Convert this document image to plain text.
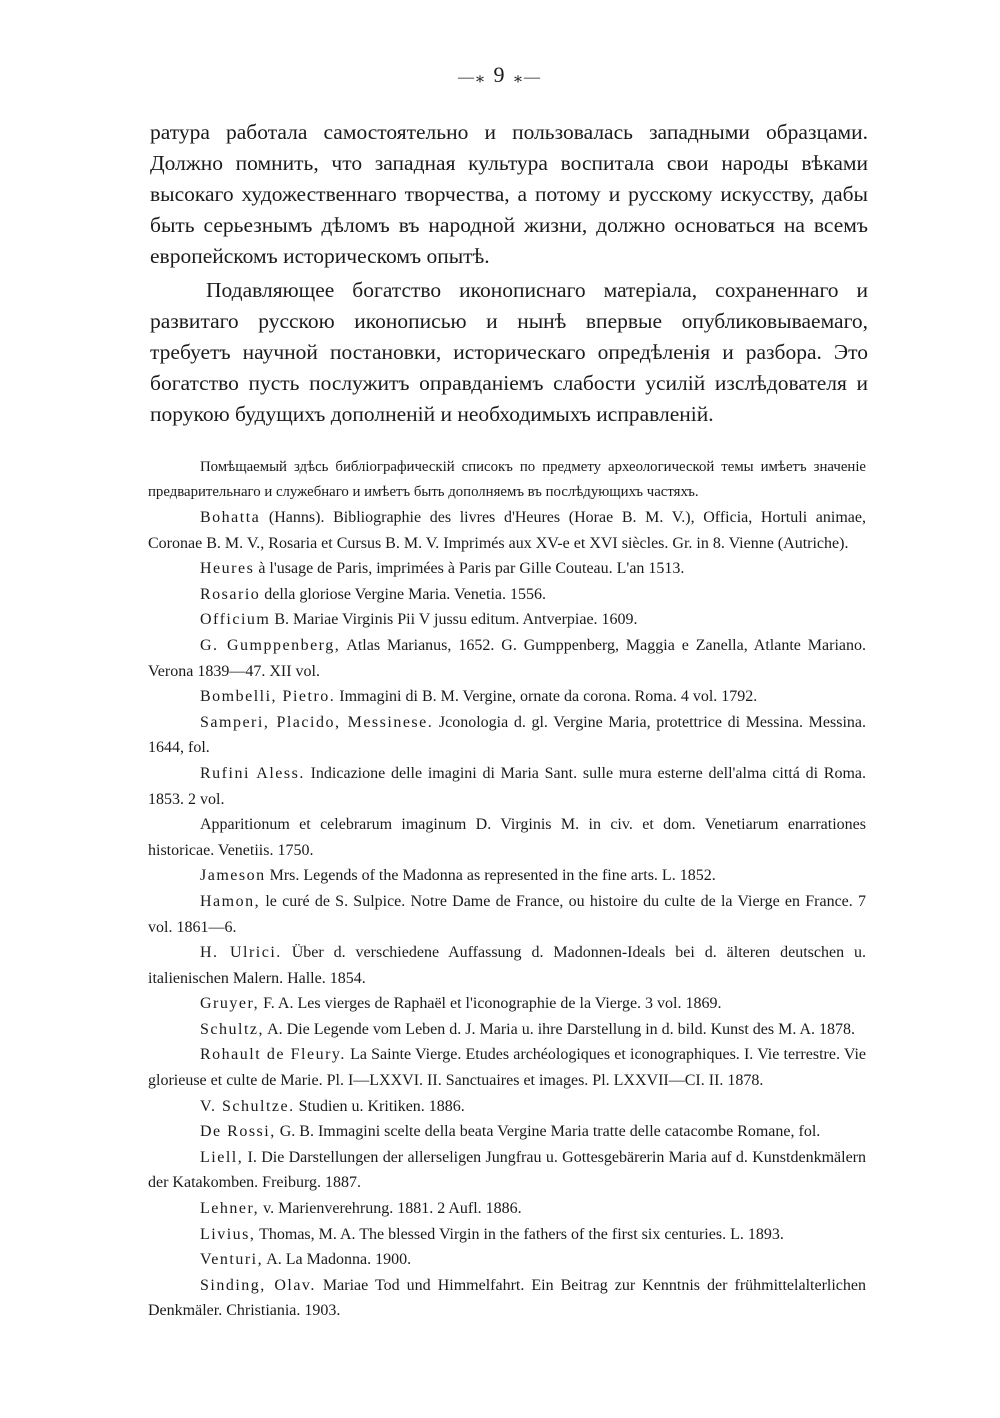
—⁎ 9 ⁎—

ратура работала самостоятельно и пользовалась западными образцами. Должно помнить, что западная культура воспитала свои народы вѣками высокаго художественнаго творчества, а потому и русскому искусству, дабы быть серьезнымъ дѣломъ въ народной жизни, должно основаться на всемъ европейскомъ историческомъ опытѣ.

Подавляющее богатство иконописнаго матеріала, сохраненнаго и развитаго русскою иконописью и нынѣ впервые опубликовываемаго, требуетъ научной постановки, историческаго опредѣленія и разбора. Это богатство пусть послужитъ оправданіемъ слабости усилій изслѣдователя и порукою будущихъ дополненій и необходимыхъ исправленій.

Помѣщаемый здѣсь библіографическій списокъ по предмету археологической темы имѣетъ значеніе предварительнаго и служебнаго и имѣетъ быть дополняемъ въ послѣдующихъ частяхъ.

Bohatta (Hanns). Bibliographie des livres d'Heures (Horae B. M. V.), Officia, Hortuli animae, Coronae B. M. V., Rosaria et Cursus B. M. V. Imprimés aux XV-e et XVI siècles. Gr. in 8. Vienne (Autriche).

Heures à l'usage de Paris, imprimées à Paris par Gille Couteau. L'an 1513.

Rosario della gloriose Vergine Maria. Venetia. 1556.

Officium B. Mariae Virginis Pii V jussu editum. Antverpiae. 1609.

G. Gumppenberg, Atlas Marianus, 1652. G. Gumppenberg, Maggia e Zanella, Atlante Mariano. Verona 1839—47. XII vol.

Bombelli, Pietro. Immagini di B. M. Vergine, ornate da corona. Roma. 4 vol. 1792.

Samperi, Placido, Messinese. Jconologia d. gl. Vergine Maria, protettrice di Messina. Messina. 1644, fol.

Rufini Aless. Indicazione delle imagini di Maria Sant. sulle mura esterne dell'alma cittá di Roma. 1853. 2 vol.

Apparitionum et celebrarum imaginum D. Virginis M. in civ. et dom. Venetiarum enarrationes historicae. Venetiis. 1750.

Jameson Mrs. Legends of the Madonna as represented in the fine arts. L. 1852.

Hamon, le curé de S. Sulpice. Notre Dame de France, ou histoire du culte de la Vierge en France. 7 vol. 1861—6.

H. Ulrici. Über d. verschiedene Auffassung d. Madonnen-Ideals bei d. älteren deutschen u. italienischen Malern. Halle. 1854.

Gruyer, F. A. Les vierges de Raphaël et l'iconographie de la Vierge. 3 vol. 1869.

Schultz, A. Die Legende vom Leben d. J. Maria u. ihre Darstellung in d. bild. Kunst des M. A. 1878.

Rohault de Fleury. La Sainte Vierge. Etudes archéologiques et iconographiques. I. Vie terrestre. Vie glorieuse et culte de Marie. Pl. I—LXXVI. II. Sanctuaires et images. Pl. LXXVII—CI. II. 1878.

V. Schultze. Studien u. Kritiken. 1886.

De Rossi, G. B. Immagini scelte della beata Vergine Maria tratte delle catacombe Romane, fol.

Liell, I. Die Darstellungen der allerseligen Jungfrau u. Gottesgebärerin Maria auf d. Kunstdenkmälern der Katakomben. Freiburg. 1887.

Lehner, v. Marienverehrung. 1881. 2 Aufl. 1886.

Livius, Thomas, M. A. The blessed Virgin in the fathers of the first six centuries. L. 1893.

Venturi, A. La Madonna. 1900.

Sinding, Olav. Mariae Tod und Himmelfahrt. Ein Beitrag zur Kenntnis der frühmittelalterlichen Denkmäler. Christiania. 1903.
